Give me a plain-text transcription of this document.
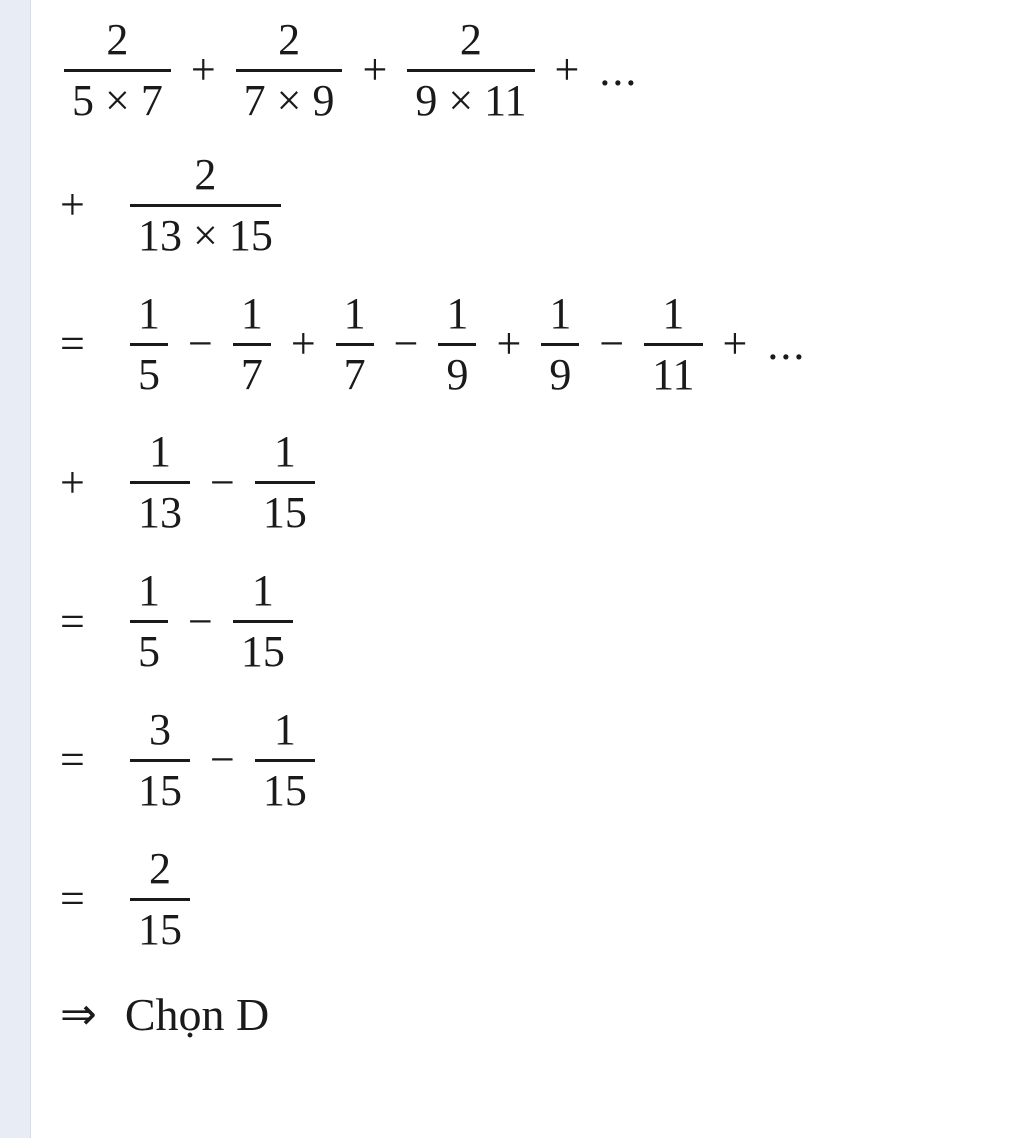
$\frac{2}{5 \times 7} + \frac{2}{7 \times 9} + \frac{2}{9 \times 11}$ + ...
+	$\frac{2}{13 \times 15}$
=	$\frac{1}{5} - \frac{1}{7} + \frac{1}{7} - \frac{1}{9} + \frac{1}{9} - \frac{1}{11}$ + ...
+	$\frac{1}{13} - \frac{1}{15}$
=	$\frac{1}{5} - \frac{1}{15}$
=	$\frac{3}{15} - \frac{1}{15}$
=	$\frac{2}{15}$
⇒ Chọn D
